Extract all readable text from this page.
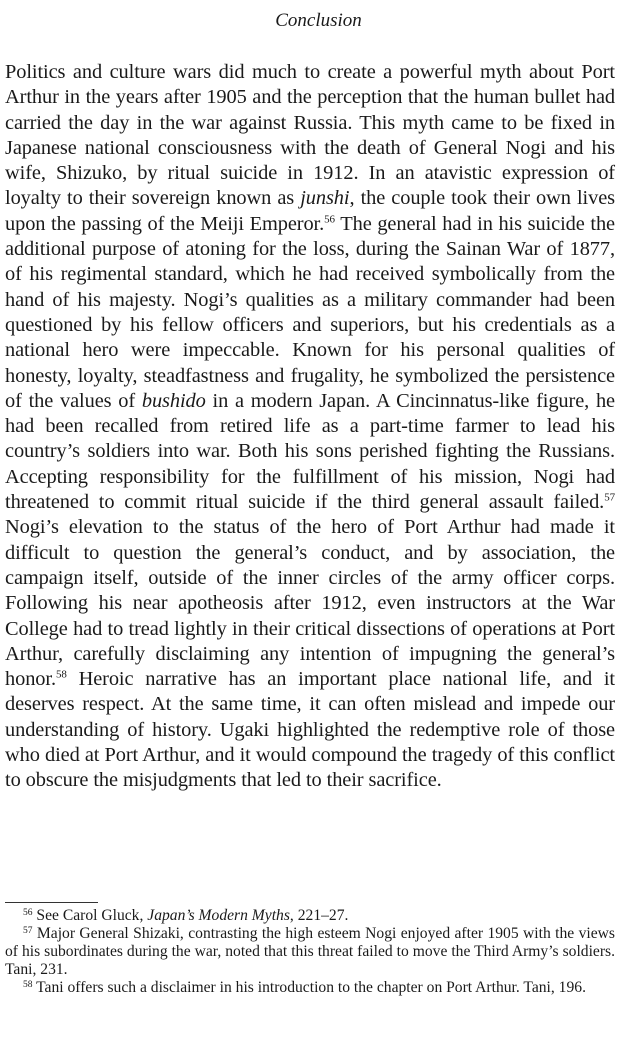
Conclusion

Politics and culture wars did much to create a powerful myth about Port Arthur in the years after 1905 and the perception that the human bullet had carried the day in the war against Russia. This myth came to be fixed in Japanese national consciousness with the death of General Nogi and his wife, Shizuko, by ritual suicide in 1912. In an atavistic expression of loyalty to their sovereign known as junshi, the couple took their own lives upon the passing of the Meiji Emperor.$^{56}$ The general had in his suicide the additional purpose of atoning for the loss, during the Sainan War of 1877, of his regimental standard, which he had received symbolically from the hand of his majesty. Nogi’s qualities as a military commander had been questioned by his fellow officers and superiors, but his credentials as a national hero were impeccable. Known for his personal qualities of honesty, loyalty, steadfastness and frugality, he symbolized the persistence of the values of bushido in a modern Japan. A Cincinnatus-like figure, he had been recalled from retired life as a part-time farmer to lead his country’s soldiers into war. Both his sons perished fighting the Russians. Accepting responsibility for the fulfillment of his mission, Nogi had threatened to commit ritual suicide if the third general assault failed.$^{57}$ Nogi’s elevation to the status of the hero of Port Arthur had made it difficult to question the general’s conduct, and by association, the campaign itself, outside of the inner circles of the army officer corps. Following his near apotheosis after 1912, even instructors at the War College had to tread lightly in their critical dissections of operations at Port Arthur, carefully disclaiming any intention of impugning the general’s honor.$^{58}$ Heroic narrative has an important place national life, and it deserves respect. At the same time, it can often mislead and impede our understanding of history. Ugaki highlighted the redemptive role of those who died at Port Arthur, and it would compound the tragedy of this conflict to obscure the misjudgments that led to their sacrifice.

$^{56}$ See Carol Gluck, Japan’s Modern Myths, 221–27.

$^{57}$ Major General Shizaki, contrasting the high esteem Nogi enjoyed after 1905 with the views of his subordinates during the war, noted that this threat failed to move the Third Army’s soldiers. Tani, 231.

$^{58}$ Tani offers such a disclaimer in his introduction to the chapter on Port Arthur. Tani, 196.
